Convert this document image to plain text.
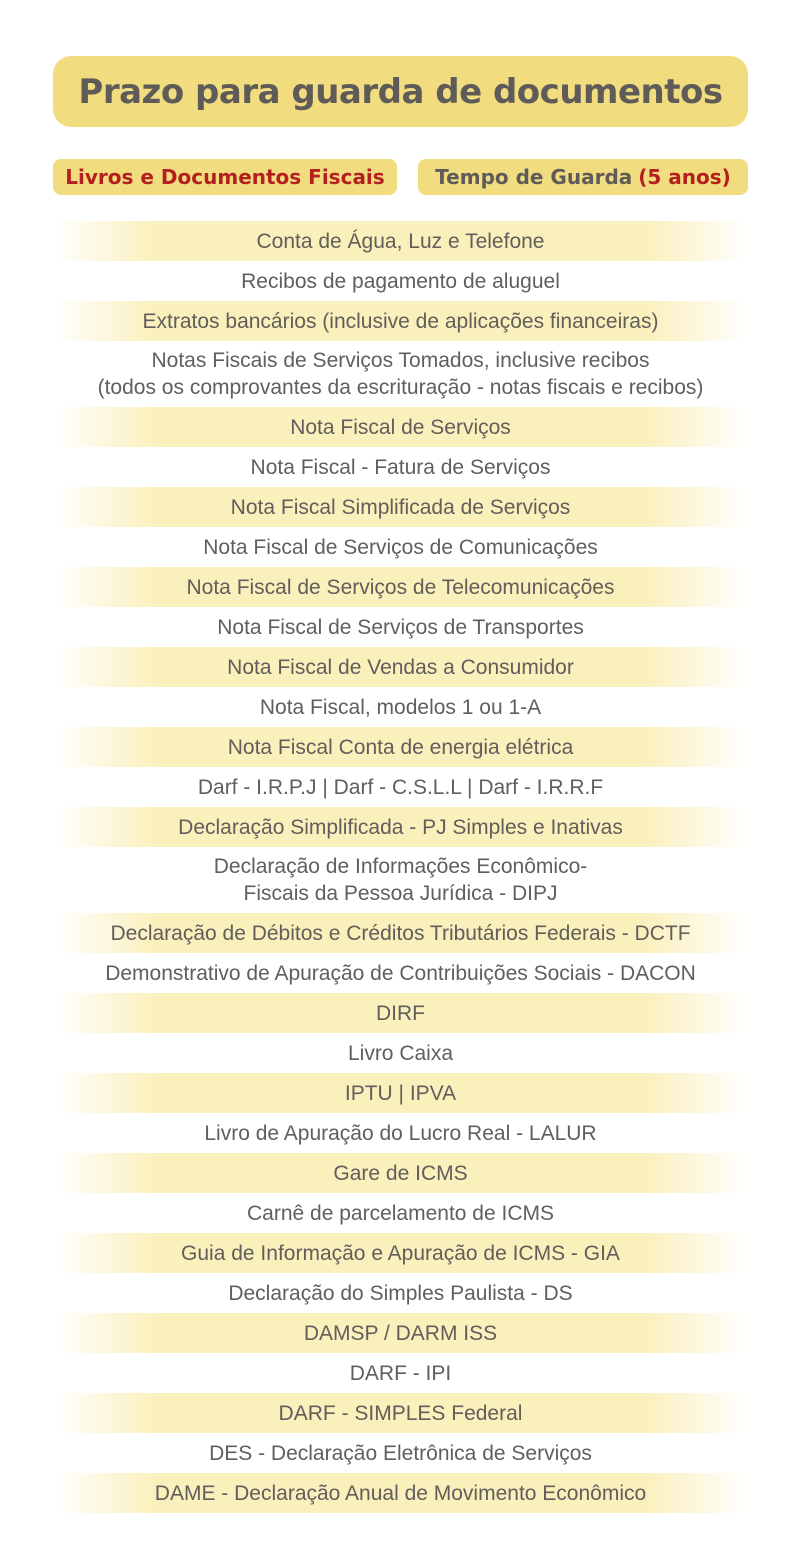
Prazo para guarda de documentos
Livros e Documentos Fiscais	Tempo de Guarda (5 anos)
Conta de Água, Luz e Telefone
Recibos de pagamento de aluguel
Extratos bancários (inclusive de aplicações financeiras)
Notas Fiscais de Serviços Tomados, inclusive recibos
(todos os comprovantes da escrituração - notas fiscais e recibos)
Nota Fiscal de Serviços
Nota Fiscal - Fatura de Serviços
Nota Fiscal Simplificada de Serviços
Nota Fiscal de Serviços de Comunicações
Nota Fiscal de Serviços de Telecomunicações
Nota Fiscal de Serviços de Transportes
Nota Fiscal de Vendas a Consumidor
Nota Fiscal, modelos 1 ou 1-A
Nota Fiscal Conta de energia elétrica
Darf - I.R.P.J | Darf - C.S.L.L | Darf - I.R.R.F
Declaração Simplificada - PJ Simples e Inativas
Declaração de Informações Econômico-
Fiscais da Pessoa Jurídica - DIPJ
Declaração de Débitos e Créditos Tributários Federais - DCTF
Demonstrativo de Apuração de Contribuições Sociais - DACON
DIRF
Livro Caixa
IPTU | IPVA
Livro de Apuração do Lucro Real - LALUR
Gare de ICMS
Carnê de parcelamento de ICMS
Guia de Informação e Apuração de ICMS - GIA
Declaração do Simples Paulista - DS
DAMSP / DARM ISS
DARF - IPI
DARF - SIMPLES Federal
DES - Declaração Eletrônica de Serviços
DAME - Declaração Anual de Movimento Econômico
